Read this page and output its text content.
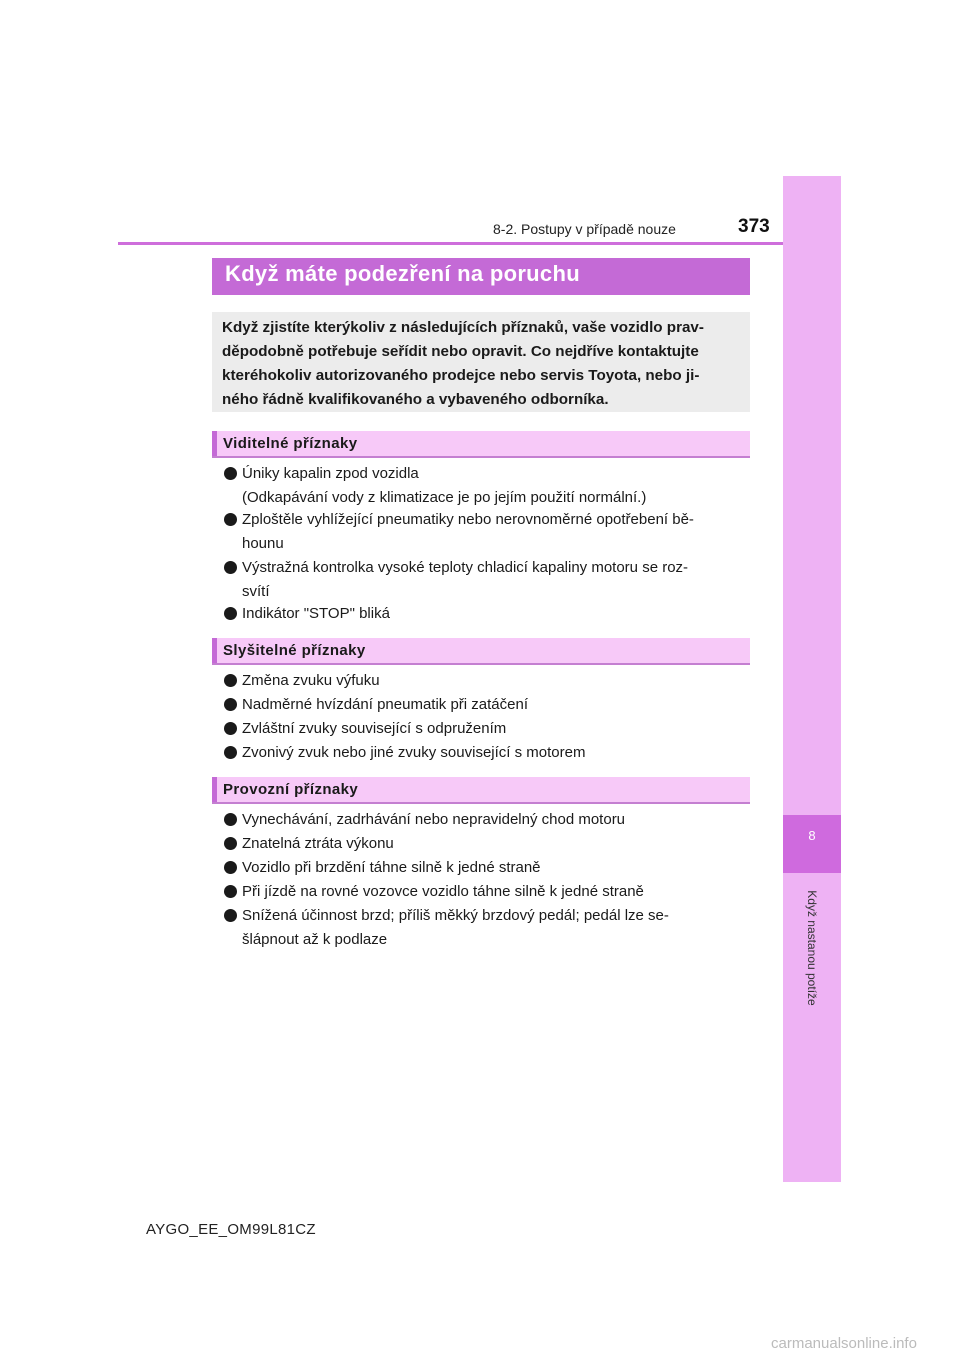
8
Když nastanou potíže
8-2. Postupy v případě nouze	373
Když máte podezření na poruchu
Když zjistíte kterýkoliv z následujících příznaků, vaše vozidlo prav-
děpodobně potřebuje seřídit nebo opravit. Co nejdříve kontaktujte
kteréhokoliv autorizovaného prodejce nebo servis Toyota, nebo ji-
ného řádně kvalifikovaného a vybaveného odborníka.
Viditelné příznaky
Úniky kapalin zpod vozidla
(Odkapávání vody z klimatizace je po jejím použití normální.)
Zploštěle vyhlížející pneumatiky nebo nerovnoměrné opotřebení bě-
hounu
Výstražná kontrolka vysoké teploty chladicí kapaliny motoru se roz-
svítí
Indikátor "STOP" bliká
Slyšitelné příznaky
Změna zvuku výfuku
Nadměrné hvízdání pneumatik při zatáčení
Zvláštní zvuky související s odpružením
Zvonivý zvuk nebo jiné zvuky související s motorem
Provozní příznaky
Vynechávání, zadrhávání nebo nepravidelný chod motoru
Znatelná ztráta výkonu
Vozidlo při brzdění táhne silně k jedné straně
Při jízdě na rovné vozovce vozidlo táhne silně k jedné straně
Snížená účinnost brzd; příliš měkký brzdový pedál; pedál lze se-
šlápnout až k podlaze
AYGO_EE_OM99L81CZ
carmanualsonline.info
